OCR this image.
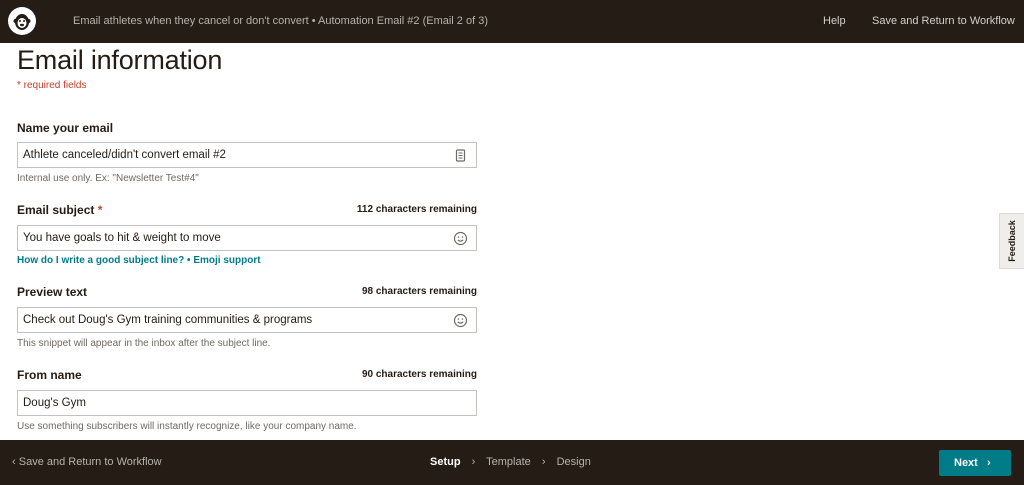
Email athletes when they cancel or don't convert • Automation Email #2 (Email 2 of 3)	Help Save and Return to Workflow
Email information
* required fields
Name your email
Athlete canceled/didn't convert email #2
Internal use only. Ex: "Newsletter Test#4"
Email subject *	112 characters remaining
You have goals to hit & weight to move
How do I write a good subject line? • Emoji support
Preview text	98 characters remaining
Check out Doug's Gym training communities & programs
This snippet will appear in the inbox after the subject line.
From name	90 characters remaining
Doug's Gym
Use something subscribers will instantly recognize, like your company name.
Feedback
‹ Save and Return to Workflow	Setup › Template › Design	Next ›
